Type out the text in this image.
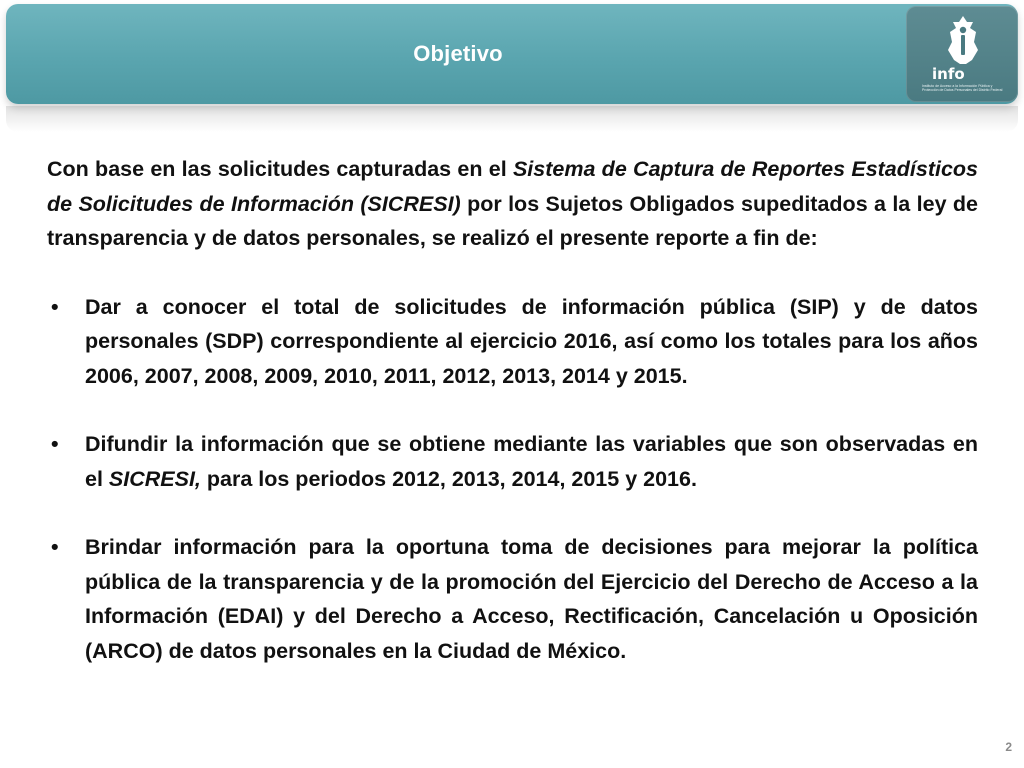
Objetivo
info
Instituto de Acceso a la Información Pública y Protección de Datos Personales del Distrito Federal

Con base en las solicitudes capturadas en el Sistema de Captura de Reportes Estadísticos de Solicitudes de Información (SICRESI) por los Sujetos Obligados supeditados a la ley de transparencia y de datos personales, se realizó el presente reporte a fin de:

• Dar a conocer el total de solicitudes de información pública (SIP) y de datos personales (SDP) correspondiente al ejercicio 2016, así como los totales para los años 2006, 2007, 2008, 2009, 2010, 2011, 2012, 2013, 2014 y 2015.
• Difundir la información que se obtiene mediante las variables que son observadas en el SICRESI, para los periodos 2012, 2013, 2014, 2015 y 2016.
• Brindar información para la oportuna toma de decisiones para mejorar la política pública de la transparencia y de la promoción del Ejercicio del Derecho de Acceso a la Información (EDAI) y del Derecho a Acceso, Rectificación, Cancelación u Oposición (ARCO) de datos personales en la Ciudad de México.
2
